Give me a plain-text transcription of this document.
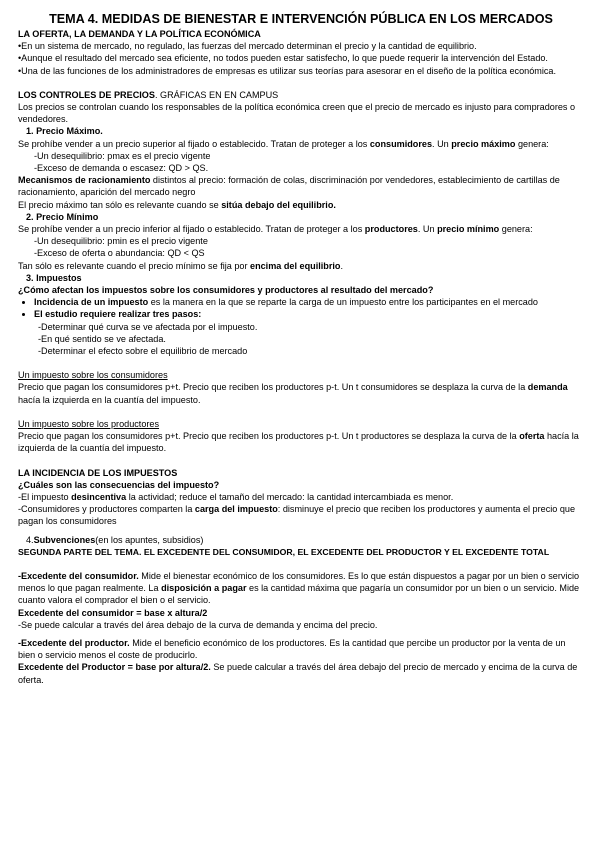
TEMA 4. MEDIDAS DE BIENESTAR E INTERVENCIÓN PÚBLICA EN LOS MERCADOS

LA OFERTA, LA DEMANDA Y LA POLÍTICA ECONÓMICA

•En un sistema de mercado, no regulado, las fuerzas del mercado determinan el precio y la cantidad de equilibrio.

•Aunque el resultado del mercado sea eficiente, no todos pueden estar satisfecho, lo que puede requerir la intervención del Estado.

•Una de las funciones de los administradores de empresas es utilizar sus teorías para asesorar en el diseño de la política económica.

LOS CONTROLES DE PRECIOS. GRÁFICAS EN EN CAMPUS

Los precios se controlan cuando los responsables de la política económica creen que el precio de mercado es injusto para compradores o vendedores.

1. Precio Máximo.

Se prohíbe vender a un precio superior al fijado o establecido. Tratan de proteger a los consumidores. Un precio máximo genera:

-Un desequilibrio: pmax es el precio vigente

-Exceso de demanda o escasez: QD > QS.

Mecanismos de racionamiento distintos al precio: formación de colas, discriminación por vendedores, establecimiento de cartillas de racionamiento, aparición del mercado negro

El precio máximo tan sólo es relevante cuando se sitúa debajo del equilibrio.

2. Precio Mínimo

Se prohíbe vender a un precio inferior al fijado o establecido. Tratan de proteger a los productores. Un precio mínimo genera:

-Un desequilibrio: pmin es el precio vigente

-Exceso de oferta o abundancia: QD < QS

Tan sólo es relevante cuando el precio mínimo se fija por encima del equilibrio.

3. Impuestos

¿Cómo afectan los impuestos sobre los consumidores y productores al resultado del mercado?

• Incidencia de un impuesto es la manera en la que se reparte la carga de un impuesto entre los participantes en el mercado
• El estudio requiere realizar tres pasos:

-Determinar qué curva se ve afectada por el impuesto.

-En qué sentido se ve afectada.

-Determinar el efecto sobre el equilibrio de mercado

Un impuesto sobre los consumidores

Precio que pagan los consumidores p+t. Precio que reciben los productores p-t. Un t consumidores se desplaza la curva de la demanda hacía la izquierda en la cuantía del impuesto.

Un impuesto sobre los productores

Precio que pagan los consumidores p+t. Precio que reciben los productores p-t. Un t productores se desplaza la curva de la oferta hacía la izquierda de la cuantía del impuesto.

LA INCIDENCIA DE LOS IMPUESTOS

¿Cuáles son las consecuencias del impuesto?

-El impuesto desincentiva la actividad; reduce el tamaño del mercado: la cantidad intercambiada es menor.

-Consumidores y productores comparten la carga del impuesto: disminuye el precio que reciben los productores y aumenta el precio que pagan los consumidores

4.Subvenciones(en los apuntes, subsidios)

SEGUNDA PARTE DEL TEMA. EL EXCEDENTE DEL CONSUMIDOR, EL EXCEDENTE DEL PRODUCTOR Y EL EXCEDENTE TOTAL

-Excedente del consumidor. Mide el bienestar económico de los consumidores. Es lo que están dispuestos a pagar por un bien o servicio menos lo que pagan realmente. La disposición a pagar es la cantidad máxima que pagaría un consumidor por un bien o un servicio. Mide cuanto valora el comprador el bien o el servicio.

Excedente del consumidor = base x altura/2

-Se puede calcular a través del área debajo de la curva de demanda y encima del precio.

-Excedente del productor. Mide el beneficio económico de los productores. Es la cantidad que percibe un productor por la venta de un bien o servicio menos el coste de producirlo.

Excedente del Productor = base por altura/2. Se puede calcular a través del área debajo del precio de mercado y encima de la curva de oferta.
